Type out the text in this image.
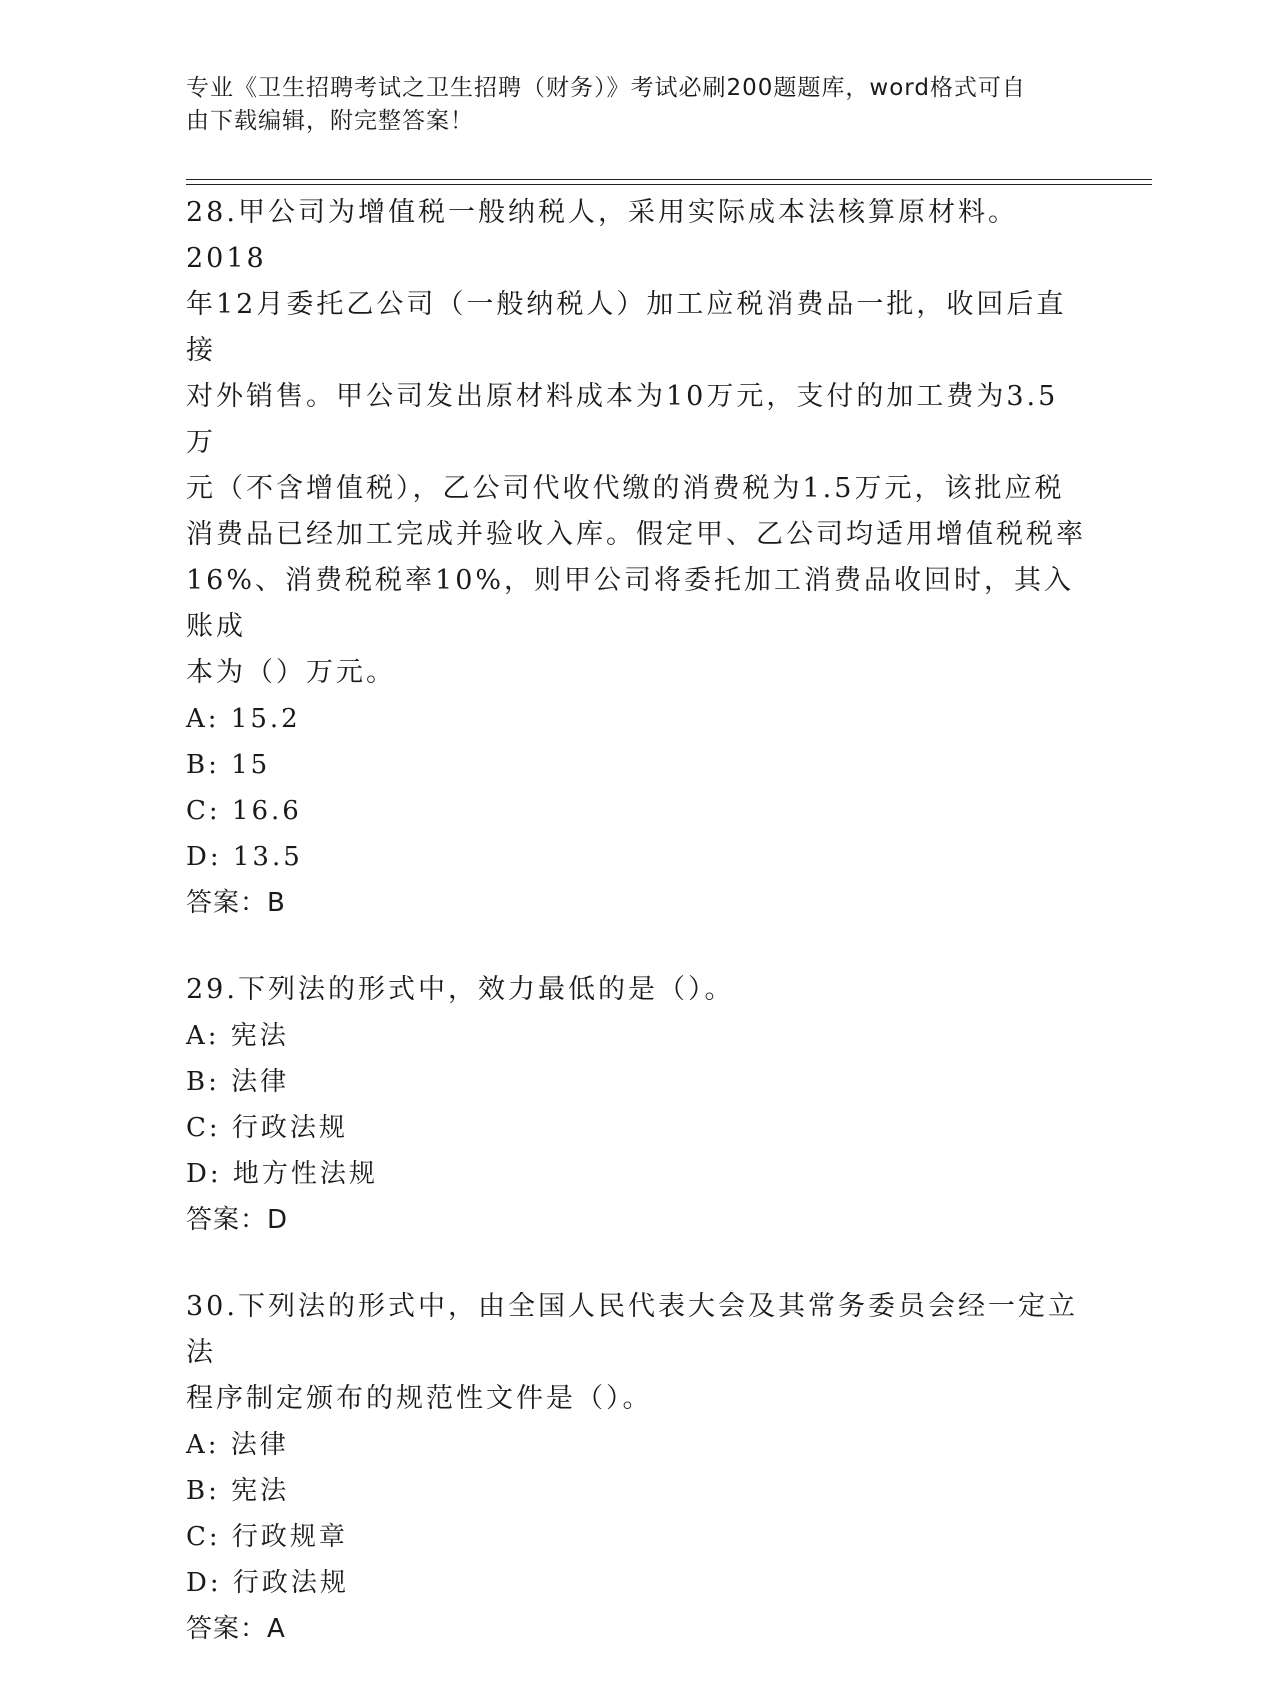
专业《卫生招聘考试之卫生招聘（财务）》考试必刷200题题库，word格式可自
由下载编辑，附完整答案！

28.甲公司为增值税一般纳税人，采用实际成本法核算原材料。2018

年12月委托乙公司（一般纳税人）加工应税消费品一批，收回后直接

对外销售。甲公司发出原材料成本为10万元，支付的加工费为3.5万

元（不含增值税），乙公司代收代缴的消费税为1.5万元，该批应税

消费品已经加工完成并验收入库。假定甲、乙公司均适用增值税税率

16%、消费税税率10%，则甲公司将委托加工消费品收回时，其入账成

本为（）万元。

A: 15.2

B: 15

C: 16.6

D: 13.5

答案：B

29.下列法的形式中，效力最低的是（）。

A: 宪法

B: 法律

C: 行政法规

D: 地方性法规

答案：D

30.下列法的形式中，由全国人民代表大会及其常务委员会经一定立法

程序制定颁布的规范性文件是（）。

A: 法律

B: 宪法

C: 行政规章

D: 行政法规

答案：A
